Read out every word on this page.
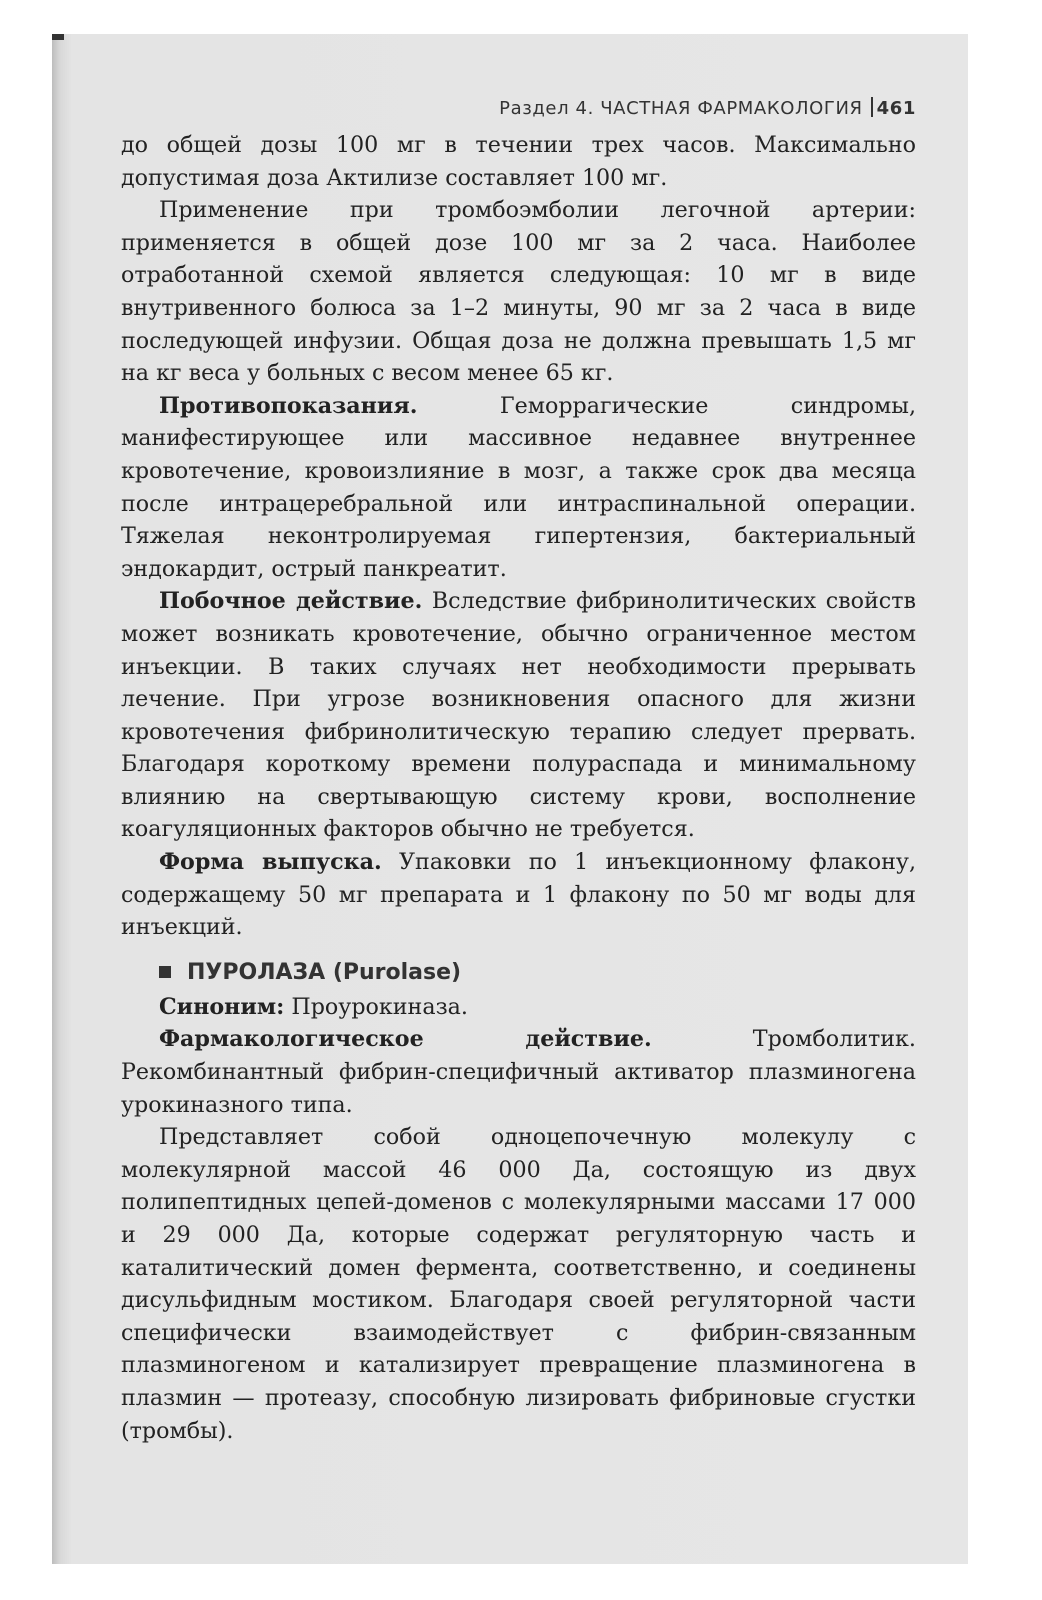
Раздел 4. ЧАСТНАЯ ФАРМАКОЛОГИЯ 461

до общей дозы 100 мг в течении трех часов. Максимально допустимая доза Актилизе составляет 100 мг.

Применение при тромбоэмболии легочной артерии: применяется в общей дозе 100 мг за 2 часа. Наиболее отработанной схемой является следующая: 10 мг в виде внутривенного болюса за 1–2 минуты, 90 мг за 2 часа в виде последующей инфузии. Общая доза не должна превышать 1,5 мг на кг веса у больных с весом менее 65 кг.

Противопоказания. Геморрагические синдромы, манифестирующее или массивное недавнее внутреннее кровотечение, кровоизлияние в мозг, а также срок два месяца после интрацеребральной или интраспинальной операции. Тяжелая неконтролируемая гипертензия, бактериальный эндокардит, острый панкреатит.

Побочное действие. Вследствие фибринолитических свойств может возникать кровотечение, обычно ограниченное местом инъекции. В таких случаях нет необходимости прерывать лечение. При угрозе возникновения опасного для жизни кровотечения фибринолитическую терапию следует прервать. Благодаря короткому времени полураспада и минимальному влиянию на свертывающую систему крови, восполнение коагуляционных факторов обычно не требуется.

Форма выпуска. Упаковки по 1 инъекционному флакону, содержащему 50 мг препарата и 1 флакону по 50 мг воды для инъекций.

ПУРОЛАЗА (Purolase)

Синоним: Проурокиназа.

Фармакологическое действие. Тромболитик. Рекомбинантный фибрин-специфичный активатор плазминогена урокиназного типа.

Представляет собой одноцепочечную молекулу с молекулярной массой 46 000 Да, состоящую из двух полипептидных цепей-доменов с молекулярными массами 17 000 и 29 000 Да, которые содержат регуляторную часть и каталитический домен фермента, соответственно, и соединены дисульфидным мостиком. Благодаря своей регуляторной части специфически взаимодействует с фибрин-связанным плазминогеном и катализирует превращение плазминогена в плазмин — протеазу, способную лизировать фибриновые сгустки (тромбы).
